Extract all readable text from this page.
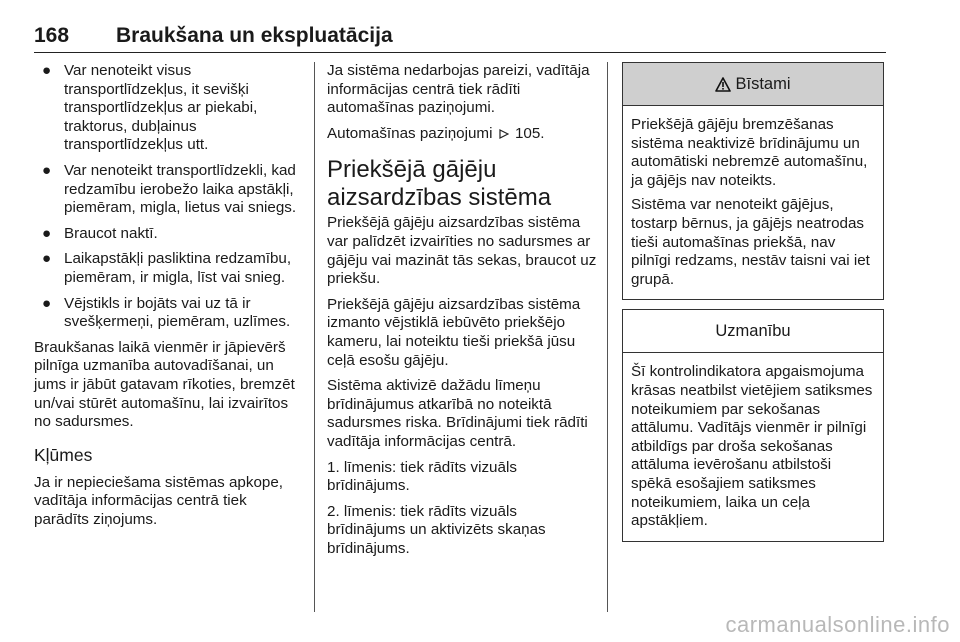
168 Braukšana un ekspluatācija
● Var nenoteikt visus transportlīdzekļus, it sevišķi transportlīdzekļus ar piekabi, traktorus, dubļainus transportlīdzekļus utt.
● Var nenoteikt transportlīdzekli, kad redzamību ierobežo laika apstākļi, piemēram, migla, lietus vai sniegs.
● Braucot naktī.
● Laikapstākļi pasliktina redzamību, piemēram, ir migla, līst vai snieg.
● Vējstikls ir bojāts vai uz tā ir svešķermeņi, piemēram, uzlīmes.

Braukšanas laikā vienmēr ir jāpievērš pilnīga uzmanība autovadīšanai, un jums ir jābūt gatavam rīkoties, bremzēt un/vai stūrēt automašīnu, lai izvairītos no sadursmes.

Kļūmes

Ja ir nepieciešama sistēmas apkope, vadītāja informācijas centrā tiek parādīts ziņojums.

Ja sistēma nedarbojas pareizi, vadītāja informācijas centrā tiek rādīti automašīnas paziņojumi.

Automašīnas paziņojumi 105.

Priekšējā gājēju aizsardzības sistēma

Priekšējā gājēju aizsardzības sistēma var palīdzēt izvairīties no sadursmes ar gājēju vai mazināt tās sekas, braucot uz priekšu.

Priekšējā gājēju aizsardzības sistēma izmanto vējstiklā iebūvēto priekšējo kameru, lai noteiktu tieši priekšā jūsu ceļā esošu gājēju.

Sistēma aktivizē dažādu līmeņu brīdinājumus atkarībā no noteiktā sadursmes riska. Brīdinājumi tiek rādīti vadītāja informācijas centrā.

1. līmenis: tiek rādīts vizuāls brīdinājums.

2. līmenis: tiek rādīts vizuāls brīdinājums un aktivizēts skaņas brīdinājums.

Bīstami

Priekšējā gājēju bremzēšanas sistēma neaktivizē brīdinājumu un automātiski nebremzē automašīnu, ja gājējs nav noteikts.

Sistēma var nenoteikt gājējus, tostarp bērnus, ja gājējs neatrodas tieši automašīnas priekšā, nav pilnīgi redzams, nestāv taisni vai iet grupā.

Uzmanību

Šī kontrolindikatora apgaismojuma krāsas neatbilst vietējiem satiksmes noteikumiem par sekošanas attālumu. Vadītājs vienmēr ir pilnīgi atbildīgs par droša sekošanas attāluma ievērošanu atbilstoši spēkā esošajiem satiksmes noteikumiem, laika un ceļa apstākļiem.

carmanualsonline.info
